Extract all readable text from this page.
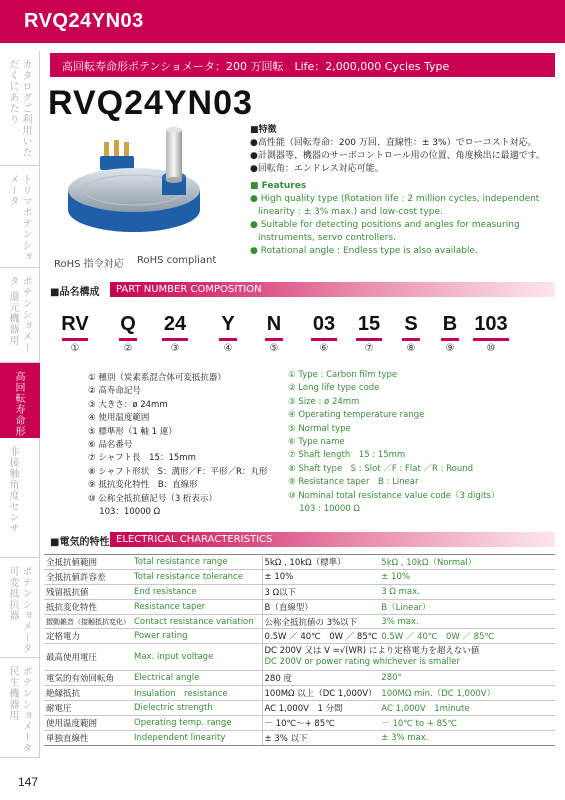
RVQ24YN03
カタログご利用いただくにあたり
トリマポテンショメータ
ポテンショメータ 還元機器用
高回転寿命形
非接触角度センサ
ポテンショメータ 可変抵抗器
ポテンショメータ 民生機器用
高回転寿命形ポテンショメータ：200 万回転　Life：2,000,000 Cycles Type
RVQ24YN03
RoHS 指令対応 RoHS compliant
■特徴
●高性能（回転寿命：200 万回、直線性：± 3%）でローコスト対応。
●計測器等、機器のサーボコントロール用の位置、角度検出に最適です。
●回転角：エンドレス対応可能。
■ Features
● High quality type (Rotation life : 2 million cycles, independent linearity : ± 3% max.) and low-cost type.
● Suitable for detecting positions and angles for measuring instruments, servo controllers.
● Rotational angle : Endless type is also available.
■品名構成 PART NUMBER COMPOSITION
RV
①
Q
②
24
③
Y
④
N
⑤
03
⑥
15
⑦
S
⑧
B
⑨
103
⑩
① 種別（炭素系混合体可変抵抗器）
② 高寿命記号
③ 大きさ：ø 24mm
④ 使用温度範囲
⑤ 標準形（1 軸 1 連）
⑥ 品名番号
⑦ シャフト長　15：15mm
⑧ シャフト形状　S：溝形／F：平形／R：丸形
⑨ 抵抗変化特性　B：直線形
⑩ 公称全抵抗値記号（3 桁表示）
　 103：10000 Ω
① Type : Carbon film type
② Long life type code
③ Size : ø 24mm
④ Operating temperature range
⑤ Normal type
⑥ Type name
⑦ Shaft length　15 : 15mm
⑧ Shaft type　S : Slot ／F : Flat ／R : Round
⑨ Resistance taper　B : Linear
⑩ Nominal total resistance value code（3 digits）
　 103 : 10000 Ω
■電気的特性 ELECTRICAL CHARACTERISTICS
全抵抗値範囲	Total resistance range	5kΩ , 10kΩ（標準）	5kΩ , 10kΩ（Normal）
全抵抗値許容差	Total resistance tolerance	± 10%	± 10%
残留抵抗値	End resistance	3 Ω以下	3 Ω max.
抵抗変化特性	Resistance taper	B（直線型）	B（Linear）
摺動雑音（接触抵抗変化）	Contact resistance variation	公称全抵抗値の 3%以下	3% max.
定格電力	Power rating	0.5W ／ 40℃　0W ／ 85℃	0.5W ／ 40℃　0W ／ 85℃
最高使用電圧	Max. input voltage	DC 200V 又は V =√(WR) により定格電力を超えない値
DC 200V or power rating whichever is smaller	

電気的有効回転角	Electrical angle	280 度	280°
絶縁抵抗	Insulation　resistance	100MΩ 以上（DC 1,000V）	100MΩ min.（DC 1,000V）
耐電圧	Dielectric strength	AC 1,000V　1 分間	AC 1,000V　1minute
使用温度範囲	Operating temp. range	－ 10℃～+ 85℃	－ 10℃ to + 85℃
単独直線性	Independent linearity	± 3% 以下	± 3% max.
147
